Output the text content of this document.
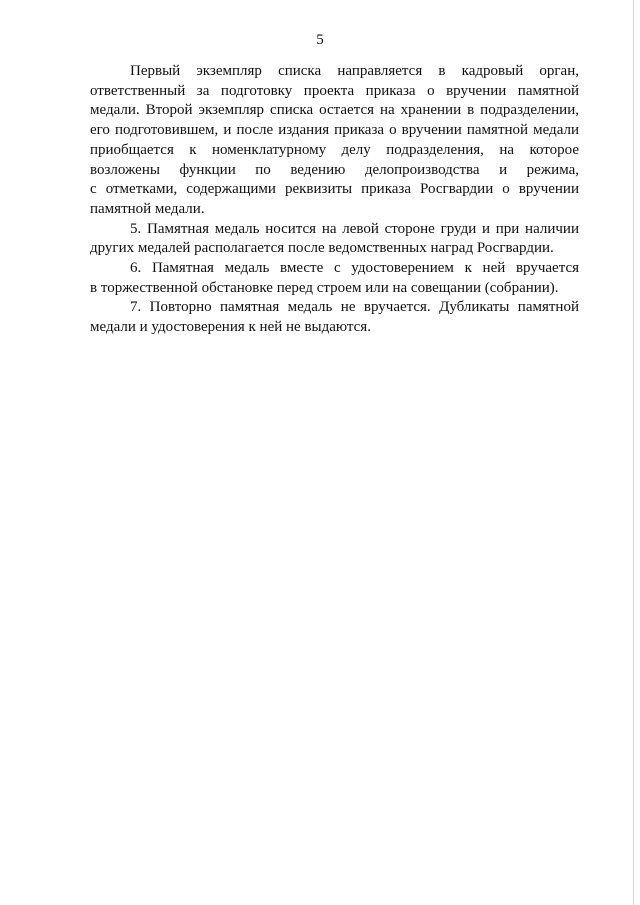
5

Первый экземпляр списка направляется в кадровый орган,
ответственный за подготовку проекта приказа о вручении памятной
медали. Второй экземпляр списка остается на хранении в подразделении,
его подготовившем, и после издания приказа о вручении памятной медали
приобщается к номенклатурному делу подразделения, на которое
возложены функции по ведению делопроизводства и режима,
с отметками, содержащими реквизиты приказа Росгвардии о вручении
памятной медали.

5. Памятная медаль носится на левой стороне груди и при наличии
других медалей располагается после ведомственных наград Росгвардии.

6. Памятная медаль вместе с удостоверением к ней вручается
в торжественной обстановке перед строем или на совещании (собрании).

7. Повторно памятная медаль не вручается. Дубликаты памятной
медали и удостоверения к ней не выдаются.
